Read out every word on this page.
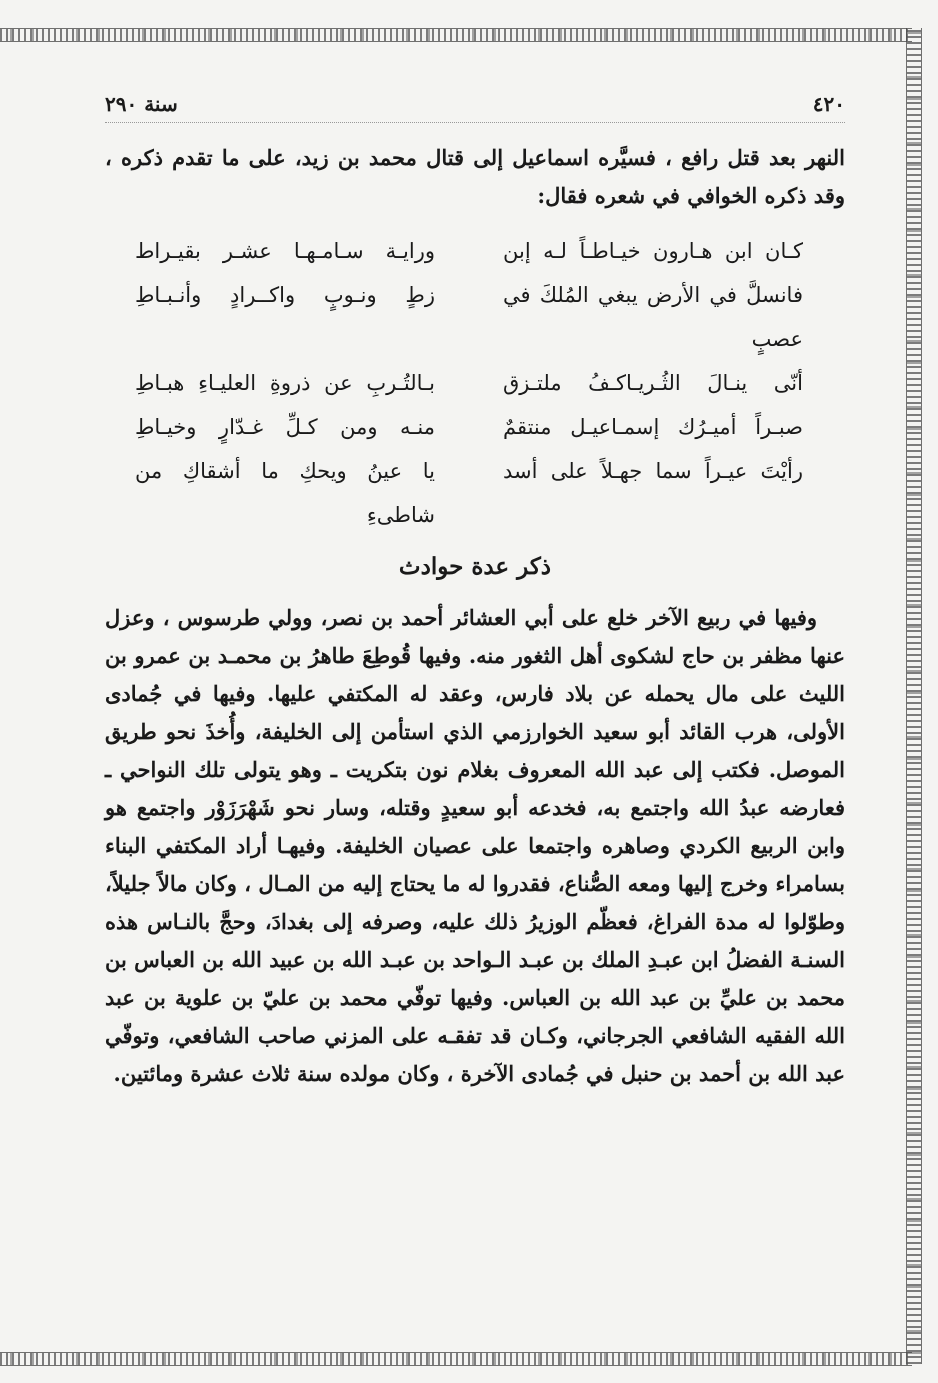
٤٢٠
سنة ٢٩٠

النهر بعد قتل رافع ، فسيَّره اسماعيل إلى قتال محمد بن زيد، على ما تقدم ذكره ، وقد ذكره الخوافي في شعره فقال:

كـان ابن هـارون خيـاطـاً لـه إبن
ورايـة سـامـهـا عشـر بقيـراط
فانسلَّ في الأرض يبغي المُلكَ في عصبٍ
زطٍ ونـوبٍ واكــرادٍ وأنـبـاطِ
أنّى ينـالَ الثُـريـاكـفُ ملتـزق
بـالتُـربِ عن ذروةِ العليـاءِ هبـاطِ
صبـراً أميـرُك إسمـاعيـل منتقمٌ
منـه ومن كـلِّ غـدّارٍ وخيـاطِ
رأيْتَ عيـراً سما جهـلاً على أسد
يا عينُ ويحكِ ما أشقاكِ من شاطىءِ
ذكر عدة حوادث

وفيها في ربيع الآخر خلع على أبي العشائر أحمد بن نصر، وولي طرسوس ، وعزل عنها مظفر بن حاج لشكوى أهل الثغور منه. وفيها قُوطِعَ طاهرُ بن محمـد بن عمرو بن الليث على مال يحمله عن بلاد فارس، وعقد له المكتفي عليها. وفيها في جُمادى الأولى، هرب القائد أبو سعيد الخوارزمي الذي استأمن إلى الخليفة، وأُخذَ نحو طريق الموصل. فكتب إلى عبد الله المعروف بغلام نون بتكريت ـ وهو يتولى تلك النواحي ـ فعارضه عبدُ الله واجتمع به، فخدعه أبو سعيدٍ وقتله، وسار نحو شَهْرَزَوْر واجتمع هو وابن الربيع الكردي وصاهره واجتمعا على عصيان الخليفة. وفيهـا أراد المكتفي البناء بسامراء وخرج إليها ومعه الصُّناع، فقدروا له ما يحتاج إليه من المـال ، وكان مالاً جليلاً، وطوّلوا له مدة الفراغ، فعظّم الوزيرُ ذلك عليه، وصرفه إلى بغدادَ، وحجَّ بالنـاس هذه السنـة الفضلُ ابن عبـدِ الملك بن عبـد الـواحد بن عبـد الله بن عبيد الله بن العباس بن محمد بن عليِّ بن عبد الله بن العباس. وفيها توفّي محمد بن عليّ بن علوية بن عبد الله الفقيه الشافعي الجرجاني، وكـان قد تفقـه على المزني صاحب الشافعي، وتوفّي عبد الله بن أحمد بن حنبل في جُمادى الآخرة ، وكان مولده سنة ثلاث عشرة ومائتين.
